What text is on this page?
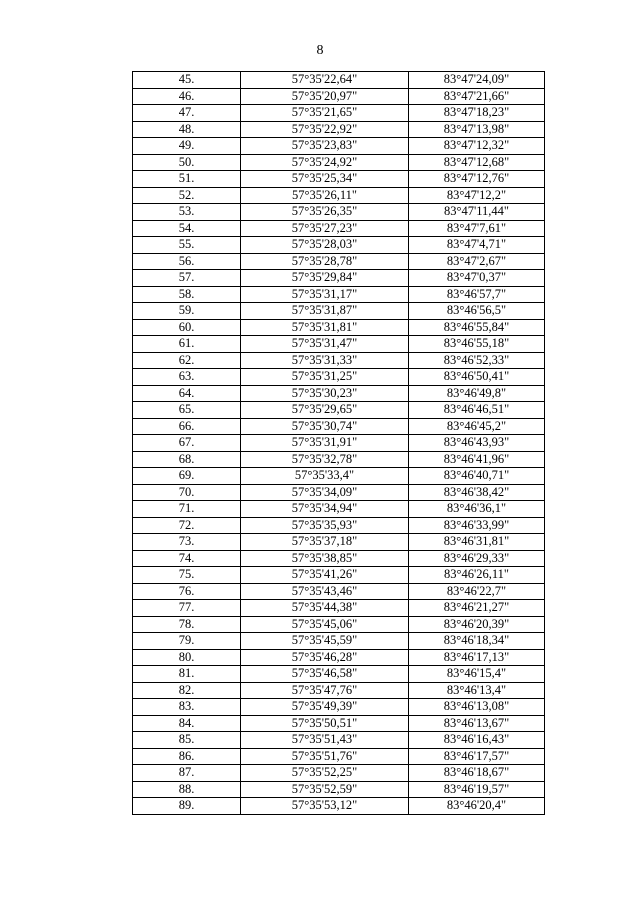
8
45.	57°35'22,64"	83°47'24,09"
46.	57°35'20,97"	83°47'21,66"
47.	57°35'21,65"	83°47'18,23"
48.	57°35'22,92"	83°47'13,98"
49.	57°35'23,83"	83°47'12,32"
50.	57°35'24,92"	83°47'12,68"
51.	57°35'25,34"	83°47'12,76"
52.	57°35'26,11"	83°47'12,2"
53.	57°35'26,35"	83°47'11,44"
54.	57°35'27,23"	83°47'7,61"
55.	57°35'28,03"	83°47'4,71"
56.	57°35'28,78"	83°47'2,67"
57.	57°35'29,84"	83°47'0,37"
58.	57°35'31,17"	83°46'57,7"
59.	57°35'31,87"	83°46'56,5"
60.	57°35'31,81"	83°46'55,84"
61.	57°35'31,47"	83°46'55,18"
62.	57°35'31,33"	83°46'52,33"
63.	57°35'31,25"	83°46'50,41"
64.	57°35'30,23"	83°46'49,8"
65.	57°35'29,65"	83°46'46,51"
66.	57°35'30,74"	83°46'45,2"
67.	57°35'31,91"	83°46'43,93"
68.	57°35'32,78"	83°46'41,96"
69.	57°35'33,4"	83°46'40,71"
70.	57°35'34,09"	83°46'38,42"
71.	57°35'34,94"	83°46'36,1"
72.	57°35'35,93"	83°46'33,99"
73.	57°35'37,18"	83°46'31,81"
74.	57°35'38,85"	83°46'29,33"
75.	57°35'41,26"	83°46'26,11"
76.	57°35'43,46"	83°46'22,7"
77.	57°35'44,38"	83°46'21,27"
78.	57°35'45,06"	83°46'20,39"
79.	57°35'45,59"	83°46'18,34"
80.	57°35'46,28"	83°46'17,13"
81.	57°35'46,58"	83°46'15,4"
82.	57°35'47,76"	83°46'13,4"
83.	57°35'49,39"	83°46'13,08"
84.	57°35'50,51"	83°46'13,67"
85.	57°35'51,43"	83°46'16,43"
86.	57°35'51,76"	83°46'17,57"
87.	57°35'52,25"	83°46'18,67"
88.	57°35'52,59"	83°46'19,57"
89.	57°35'53,12"	83°46'20,4"
